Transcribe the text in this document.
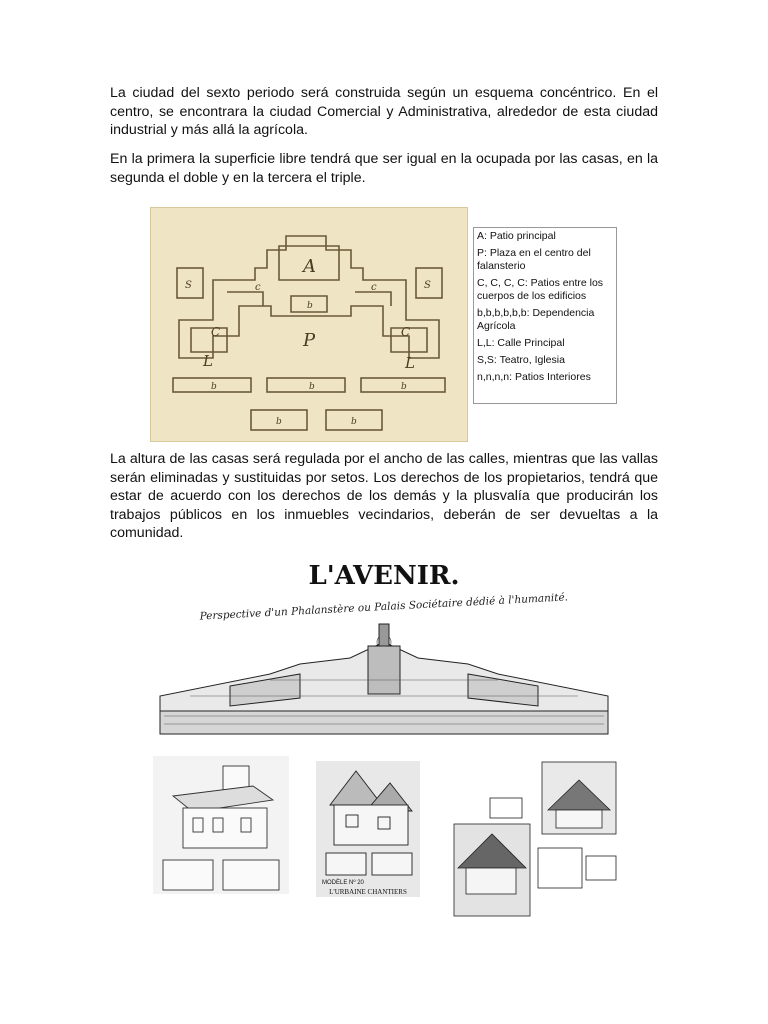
La ciudad del sexto periodo será construida según un esquema concéntrico. En el centro, se encontrara la ciudad Comercial y Administrativa, alrededor de esta ciudad industrial y más allá la agrícola.

En la primera la superficie libre tendrá que ser igual en la ocupada por las casas, en la segunda el doble y en la tercera el triple.

A
P
C	C
c	c
L	L
S	S
b	b
b	b
b
b
A: Patio principal
P: Plaza en el centro del falansterio
C, C, C, C: Patios entre los cuerpos de los edificios
b,b,b,b,b,b: Dependencia Agrícola
L,L: Calle Principal
S,S: Teatro, Iglesia
n,n,n,n: Patios Interiores

La altura de las casas será regulada por el ancho de las calles, mientras que las vallas serán eliminadas y sustituidas por setos. Los derechos de los propietarios, tendrá que estar de acuerdo con los derechos de los demás y la plusvalía que producirán los trabajos públicos en los inmuebles vecindarios, deberán de ser devueltas a la comunidad.

L'AVENIR.
Perspective d'un Phalanstère ou Palais Sociétaire dédié à l'humanité.
MODÈLE Nº 20
L'URBAINE CHANTIERS
